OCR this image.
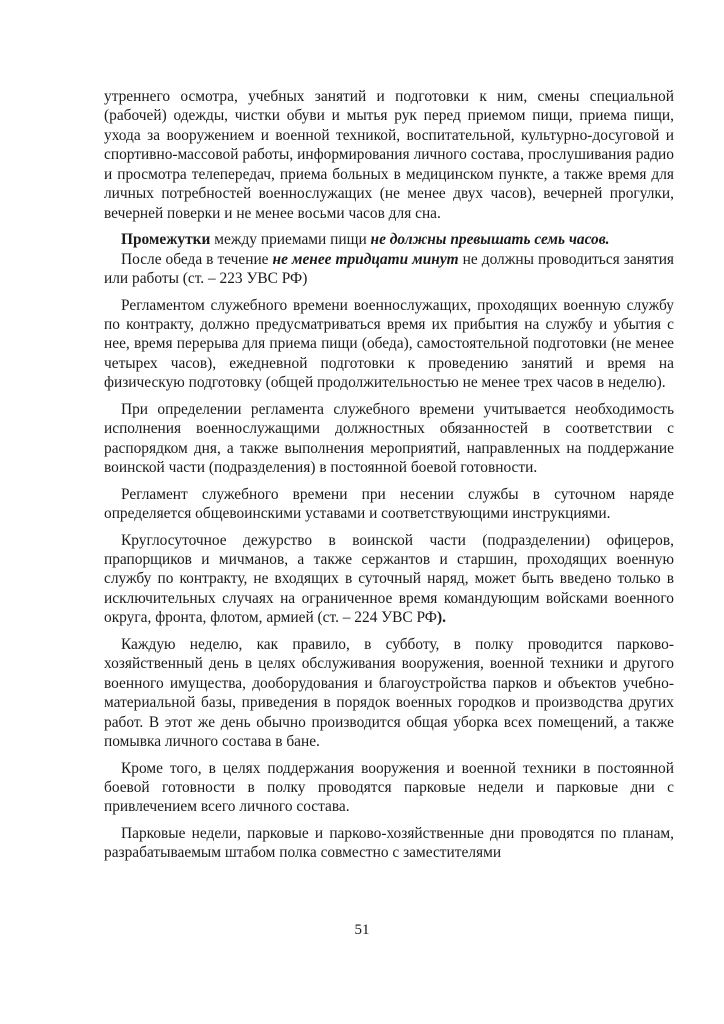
утреннего осмотра, учебных занятий и подготовки к ним, смены специальной (рабочей) одежды, чистки обуви и мытья рук перед приемом пищи, приема пищи, ухода за вооружением и военной техникой, воспитательной, культурно-досуговой и спортивно-массовой работы, информирования личного состава, прослушивания радио и просмотра телепередач, приема больных в медицинском пункте, а также время для личных потребностей военнослужащих (не менее двух часов), вечерней прогулки, вечерней поверки и не менее восьми часов для сна.

Промежутки между приемами пищи не должны превышать семь часов.

После обеда в течение не менее тридцати минут не должны проводиться занятия или работы (ст. – 223 УВС РФ)

Регламентом служебного времени военнослужащих, проходящих военную службу по контракту, должно предусматриваться время их прибытия на службу и убытия с нее, время перерыва для приема пищи (обеда), самостоятельной подготовки (не менее четырех часов), ежедневной подготовки к проведению занятий и время на физическую подготовку (общей продолжительностью не менее трех часов в неделю).

При определении регламента служебного времени учитывается необходимость исполнения военнослужащими должностных обязанностей в соответствии с распорядком дня, а также выполнения мероприятий, направленных на поддержание воинской части (подразделения) в постоянной боевой готовности.

Регламент служебного времени при несении службы в суточном наряде определяется общевоинскими уставами и соответствующими инструкциями.

Круглосуточное дежурство в воинской части (подразделении) офицеров, прапорщиков и мичманов, а также сержантов и старшин, проходящих военную службу по контракту, не входящих в суточный наряд, может быть введено только в исключительных случаях на ограниченное время командующим войсками военного округа, фронта, флотом, армией (ст. – 224 УВС РФ).

Каждую неделю, как правило, в субботу, в полку проводится парково-хозяйственный день в целях обслуживания вооружения, военной техники и другого военного имущества, дооборудования и благоустройства парков и объектов учебно-материальной базы, приведения в порядок военных городков и производства других работ. В этот же день обычно производится общая уборка всех помещений, а также помывка личного состава в бане.

Кроме того, в целях поддержания вооружения и военной техники в постоянной боевой готовности в полку проводятся парковые недели и парковые дни с привлечением всего личного состава.

Парковые недели, парковые и парково-хозяйственные дни проводятся по планам, разрабатываемым штабом полка совместно с заместителями

51
